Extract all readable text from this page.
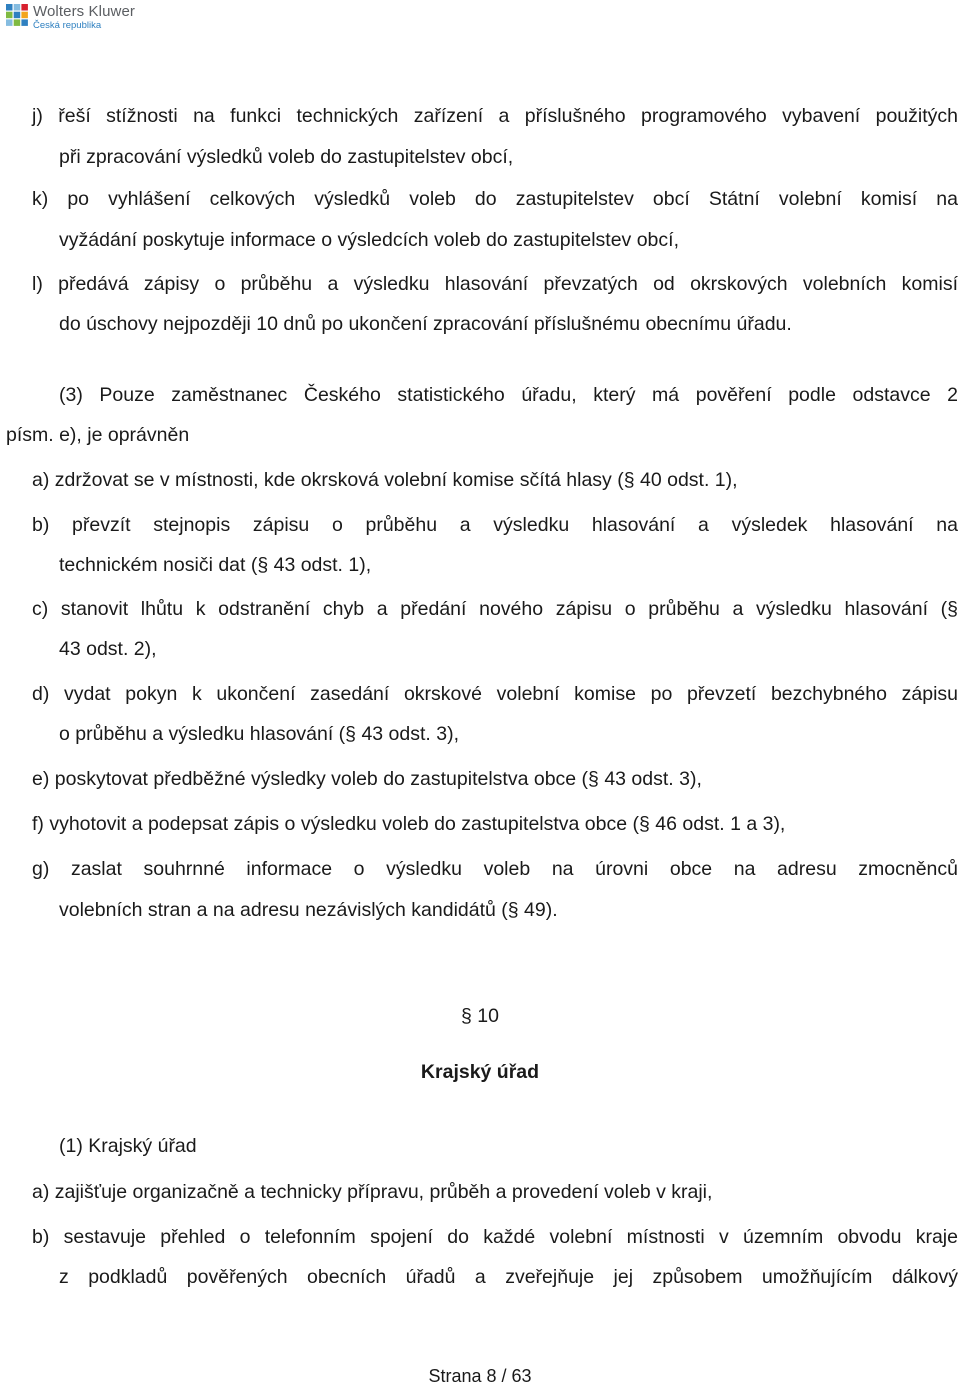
Wolters Kluwer
Česká republika
j) řeší stížnosti na funkci technických zařízení a příslušného programového vybavení použitých
při zpracování výsledků voleb do zastupitelstev obcí,
k) po vyhlášení celkových výsledků voleb do zastupitelstev obcí Státní volební komisí na
vyžádání poskytuje informace o výsledcích voleb do zastupitelstev obcí,
l) předává zápisy o průběhu a výsledku hlasování převzatých od okrskových volebních komisí
do úschovy nejpozději 10 dnů po ukončení zpracování příslušnému obecnímu úřadu.
(3) Pouze zaměstnanec Českého statistického úřadu, který má pověření podle odstavce 2
písm. e), je oprávněn
a) zdržovat se v místnosti, kde okrsková volební komise sčítá hlasy (§ 40 odst. 1),
b) převzít stejnopis zápisu o průběhu a výsledku hlasování a výsledek hlasování na
technickém nosiči dat (§ 43 odst. 1),
c) stanovit lhůtu k odstranění chyb a předání nového zápisu o průběhu a výsledku hlasování (§
43 odst. 2),
d) vydat pokyn k ukončení zasedání okrskové volební komise po převzetí bezchybného zápisu
o průběhu a výsledku hlasování (§ 43 odst. 3),
e) poskytovat předběžné výsledky voleb do zastupitelstva obce (§ 43 odst. 3),
f) vyhotovit a podepsat zápis o výsledku voleb do zastupitelstva obce (§ 46 odst. 1 a 3),
g) zaslat souhrnné informace o výsledku voleb na úrovni obce na adresu zmocněnců
volebních stran a na adresu nezávislých kandidátů (§ 49).
§ 10
Krajský úřad
(1) Krajský úřad
a) zajišťuje organizačně a technicky přípravu, průběh a provedení voleb v kraji,
b) sestavuje přehled o telefonním spojení do každé volební místnosti v územním obvodu kraje
z podkladů pověřených obecních úřadů a zveřejňuje jej způsobem umožňujícím dálkový
Strana 8 / 63
